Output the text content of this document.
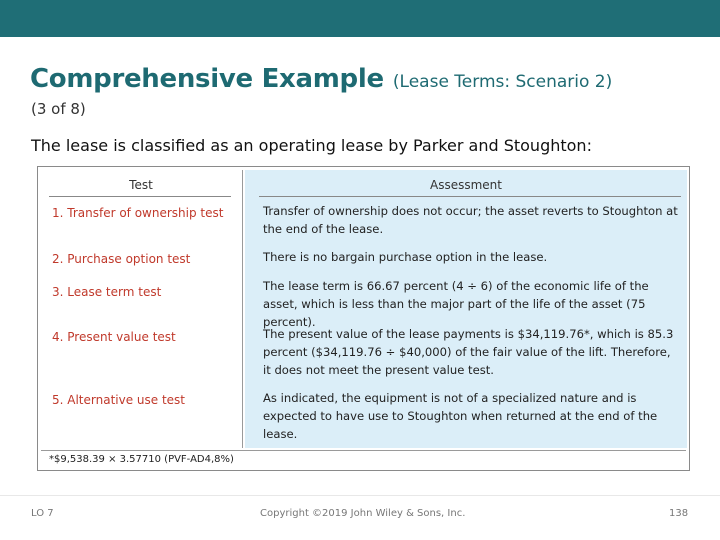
Comprehensive Example (Lease Terms: Scenario 2)
(3 of 8)
The lease is classified as an operating lease by Parker and Stoughton:
Test
1. Transfer of ownership test
2. Purchase option test
3. Lease term test
4. Present value test
5. Alternative use test
Assessment
Transfer of ownership does not occur; the asset reverts to Stoughton at the end of the lease.
There is no bargain purchase option in the lease.
The lease term is 66.67 percent (4 ÷ 6) of the economic life of the asset, which is less than the major part of the life of the asset (75 percent).
The present value of the lease payments is $34,119.76*, which is 85.3 percent ($34,119.76 ÷ $40,000) of the fair value of the lift. Therefore, it does not meet the present value test.
As indicated, the equipment is not of a specialized nature and is expected to have use to Stoughton when returned at the end of the lease.
*$9,538.39 × 3.57710 (PVF-AD4,8%)
LO 7	Copyright ©2019 John Wiley & Sons, Inc.	138
